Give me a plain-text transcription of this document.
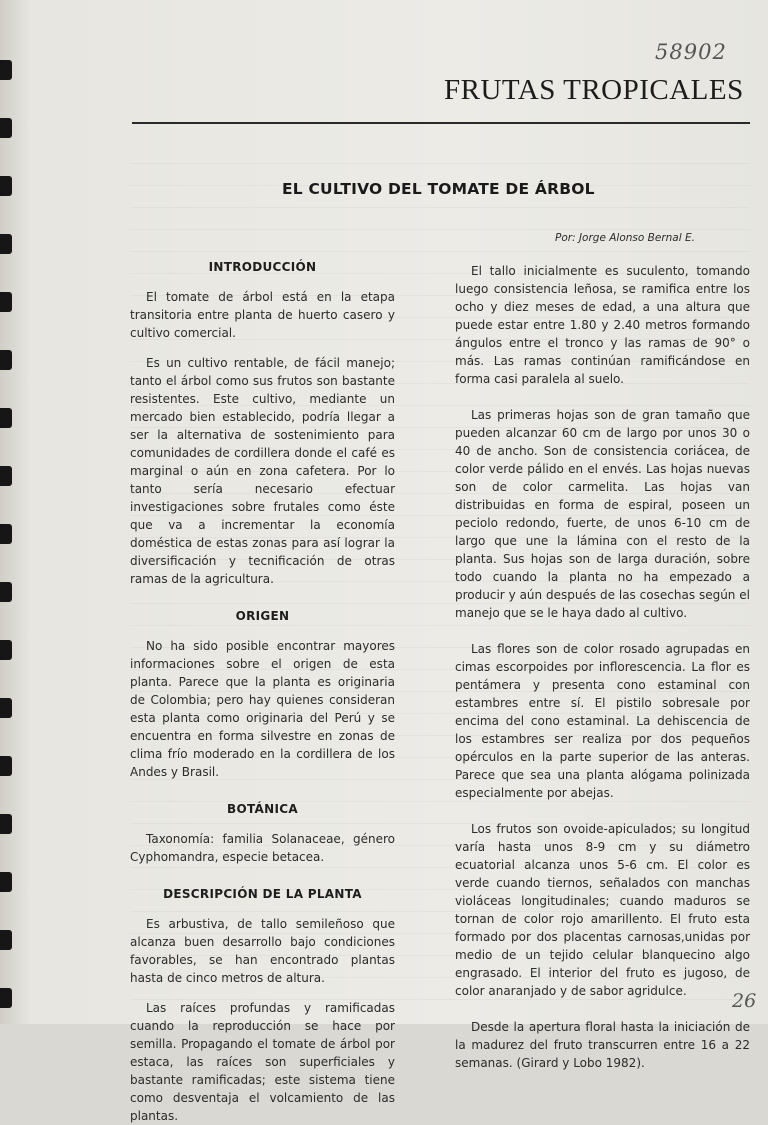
58902
FRUTAS TROPICALES
EL CULTIVO DEL TOMATE DE ÁRBOL
Por: Jorge Alonso Bernal E.
INTRODUCCIÓN

El tomate de árbol está en la etapa transitoria entre planta de huerto casero y cultivo comercial.

Es un cultivo rentable, de fácil manejo; tanto el árbol como sus frutos son bastante resistentes. Este cultivo, mediante un mercado bien establecido, podría llegar a ser la alternativa de sostenimiento para comunidades de cordillera donde el café es marginal o aún en zona cafetera. Por lo tanto sería necesario efectuar investigaciones sobre frutales como éste que va a incrementar la economía doméstica de estas zonas para así lograr la diversificación y tecnificación de otras ramas de la agricultura.

ORIGEN

No ha sido posible encontrar mayores informaciones sobre el origen de esta planta. Parece que la planta es originaria de Colombia; pero hay quienes consideran esta planta como originaria del Perú y se encuentra en forma silvestre en zonas de clima frío moderado en la cordillera de los Andes y Brasil.

BOTÁNICA

Taxonomía: familia Solanaceae, género Cyphomandra, especie betacea.

DESCRIPCIÓN DE LA PLANTA

Es arbustiva, de tallo semileñoso que alcanza buen desarrollo bajo condiciones favorables, se han encontrado plantas hasta de cinco metros de altura.

Las raíces profundas y ramificadas cuando la reproducción se hace por semilla. Propagando el tomate de árbol por estaca, las raíces son superficiales y bastante ramificadas; este sistema tiene como desventaja el volcamiento de las plantas.

El tallo inicialmente es suculento, tomando luego consistencia leñosa, se ramifica entre los ocho y diez meses de edad, a una altura que puede estar entre 1.80 y 2.40 metros formando ángulos entre el tronco y las ramas de 90° o más. Las ramas continúan ramificándose en forma casi paralela al suelo.

Las primeras hojas son de gran tamaño que pueden alcanzar 60 cm de largo por unos 30 o 40 de ancho. Son de consistencia coriácea, de color verde pálido en el envés. Las hojas nuevas son de color carmelita. Las hojas van distribuidas en forma de espiral, poseen un peciolo redondo, fuerte, de unos 6-10 cm de largo que une la lámina con el resto de la planta. Sus hojas son de larga duración, sobre todo cuando la planta no ha empezado a producir y aún después de las cosechas según el manejo que se le haya dado al cultivo.

Las flores son de color rosado agrupadas en cimas escorpoides por inflorescencia. La flor es pentámera y presenta cono estaminal con estambres entre sí. El pistilo sobresale por encima del cono estaminal. La dehiscencia de los estambres ser realiza por dos pequeños opérculos en la parte superior de las anteras. Parece que sea una planta alógama polinizada especialmente por abejas.

Los frutos son ovoide-apiculados; su longitud varía hasta unos 8-9 cm y su diámetro ecuatorial alcanza unos 5-6 cm. El color es verde cuando tiernos, señalados con manchas violáceas longitudinales; cuando maduros se tornan de color rojo amarillento. El fruto esta formado por dos placentas carnosas,unidas por medio de un tejido celular blanquecino algo engrasado. El interior del fruto es jugoso, de color anaranjado y de sabor agridulce.

Desde la apertura floral hasta la iniciación de la madurez del fruto transcurren entre 16 a 22 semanas. (Girard y Lobo 1982).

26
